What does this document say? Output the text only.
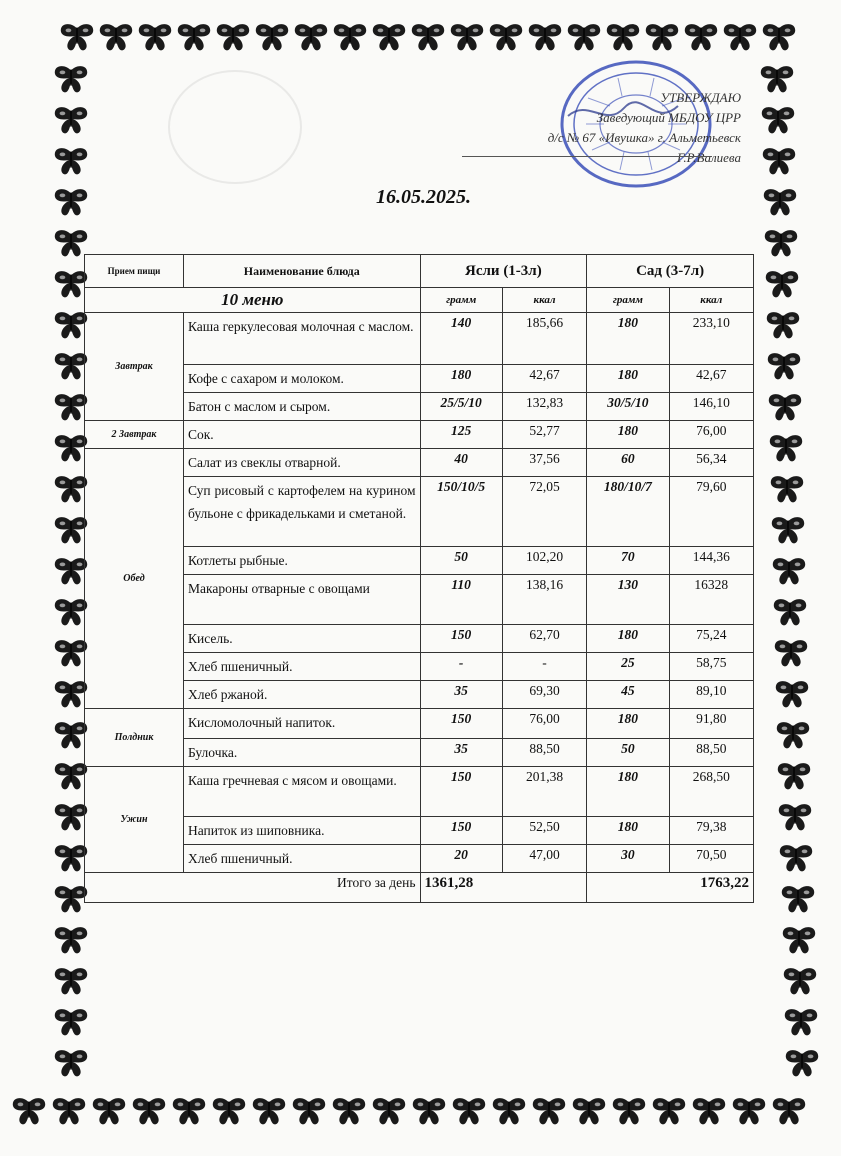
УТВЕРЖДАЮ
Заведующий МБДОУ ЦРР
д/с № 67 «Ивушка» г. Альметьевск
Г.Р.Валиева
16.05.2025.
Прием пищи	Наименование блюда	Ясли (1-3л)		Сад (3-7л)	
10 меню		грамм	ккал	грамм	ккал
Завтрак	Каша геркулесовая молочная с маслом.	140	185,66	180	233,10
	Кофе с сахаром и молоком.	180	42,67	180	42,67
	Батон с маслом и сыром.	25/5/10	132,83	30/5/10	146,10
2 Завтрак	Сок.	125	52,77	180	76,00
Обед	Салат из свеклы отварной.	40	37,56	60	56,34
	Суп рисовый с картофелем на курином бульоне с фрикадельками и сметаной.	150/10/5	72,05	180/10/7	79,60
	Котлеты рыбные.	50	102,20	70	144,36
	Макароны отварные с овощами	110	138,16	130	16328
	Кисель.	150	62,70	180	75,24
	Хлеб пшеничный.	-	-	25	58,75
	Хлеб ржаной.	35	69,30	45	89,10
Полдник	Кисломолочный напиток.	150	76,00	180	91,80
	Булочка.	35	88,50	50	88,50
Ужин	Каша гречневая с мясом и овощами.	150	201,38	180	268,50
	Напиток из шиповника.	150	52,50	180	79,38
	Хлеб пшеничный.	20	47,00	30	70,50
Итого за день		1361,28		1763,22	
